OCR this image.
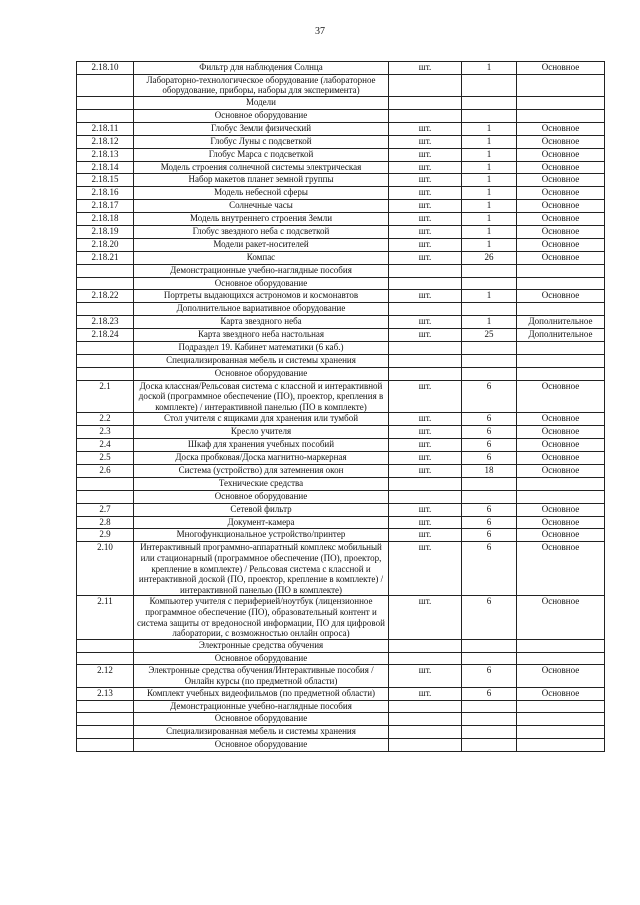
37
2.18.10	Фильтр для наблюдения Солнца	шт.	1	Основное
	Лабораторно-технологическое оборудование (лабораторное оборудование, приборы, наборы для эксперимента)			
	Модели			
	Основное оборудование			
2.18.11	Глобус Земли физический	шт.	1	Основное
2.18.12	Глобус Луны с подсветкой	шт.	1	Основное
2.18.13	Глобус Марса с подсветкой	шт.	1	Основное
2.18.14	Модель строения солнечной системы электрическая	шт.	1	Основное
2.18.15	Набор макетов планет земной группы	шт.	1	Основное
2.18.16	Модель небесной сферы	шт.	1	Основное
2.18.17	Солнечные часы	шт.	1	Основное
2.18.18	Модель внутреннего строения Земли	шт.	1	Основное
2.18.19	Глобус звездного неба с подсветкой	шт.	1	Основное
2.18.20	Модели ракет-носителей	шт.	1	Основное
2.18.21	Компас	шт.	26	Основное
	Демонстрационные учебно-наглядные пособия			
	Основное оборудование			
2.18.22	Портреты выдающихся астрономов и космонавтов	шт.	1	Основное
	Дополнительное вариативное оборудование			
2.18.23	Карта звездного неба	шт.	1	Дополнительное
2.18.24	Карта звездного неба настольная	шт.	25	Дополнительное
	Подраздел 19. Кабинет математики (6 каб.)			
	Специализированная мебель и системы хранения			
	Основное оборудование			
2.1	Доска классная/Рельсовая система с классной и интерактивной доской (программное обеспечение (ПО), проектор, крепления в комплекте) / интерактивной панелью (ПО в комплекте)	шт.	6	Основное
2.2	Стол учителя с ящиками для хранения или тумбой	шт.	6	Основное
2.3	Кресло учителя	шт.	6	Основное
2.4	Шкаф для хранения учебных пособий	шт.	6	Основное
2.5	Доска пробковая/Доска магнитно-маркерная	шт.	6	Основное
2.6	Система (устройство) для затемнения окон	шт.	18	Основное
	Технические средства			
	Основное оборудование			
2.7	Сетевой фильтр	шт.	6	Основное
2.8	Документ-камера	шт.	6	Основное
2.9	Многофункциональное устройство/принтер	шт.	6	Основное
2.10	Интерактивный программно-аппаратный комплекс мобильный или стационарный (программное обеспечение (ПО), проектор, крепление в комплекте) / Рельсовая система с классной и интерактивной доской (ПО, проектор, крепление в комплекте) / интерактивной панелью (ПО в комплекте)	шт.	6	Основное
2.11	Компьютер учителя с периферией/ноутбук (лицензионное программное обеспечение (ПО), образовательный контент и система защиты от вредоносной информации, ПО для цифровой лаборатории, с возможностью онлайн опроса)	шт.	6	Основное
	Электронные средства обучения			
	Основное оборудование			
2.12	Электронные средства обучения/Интерактивные пособия / Онлайн курсы (по предметной области)	шт.	6	Основное
2.13	Комплект учебных видеофильмов (по предметной области)	шт.	6	Основное
	Демонстрационные учебно-наглядные пособия			
	Основное оборудование			
	Специализированная мебель и системы хранения			
	Основное оборудование			
